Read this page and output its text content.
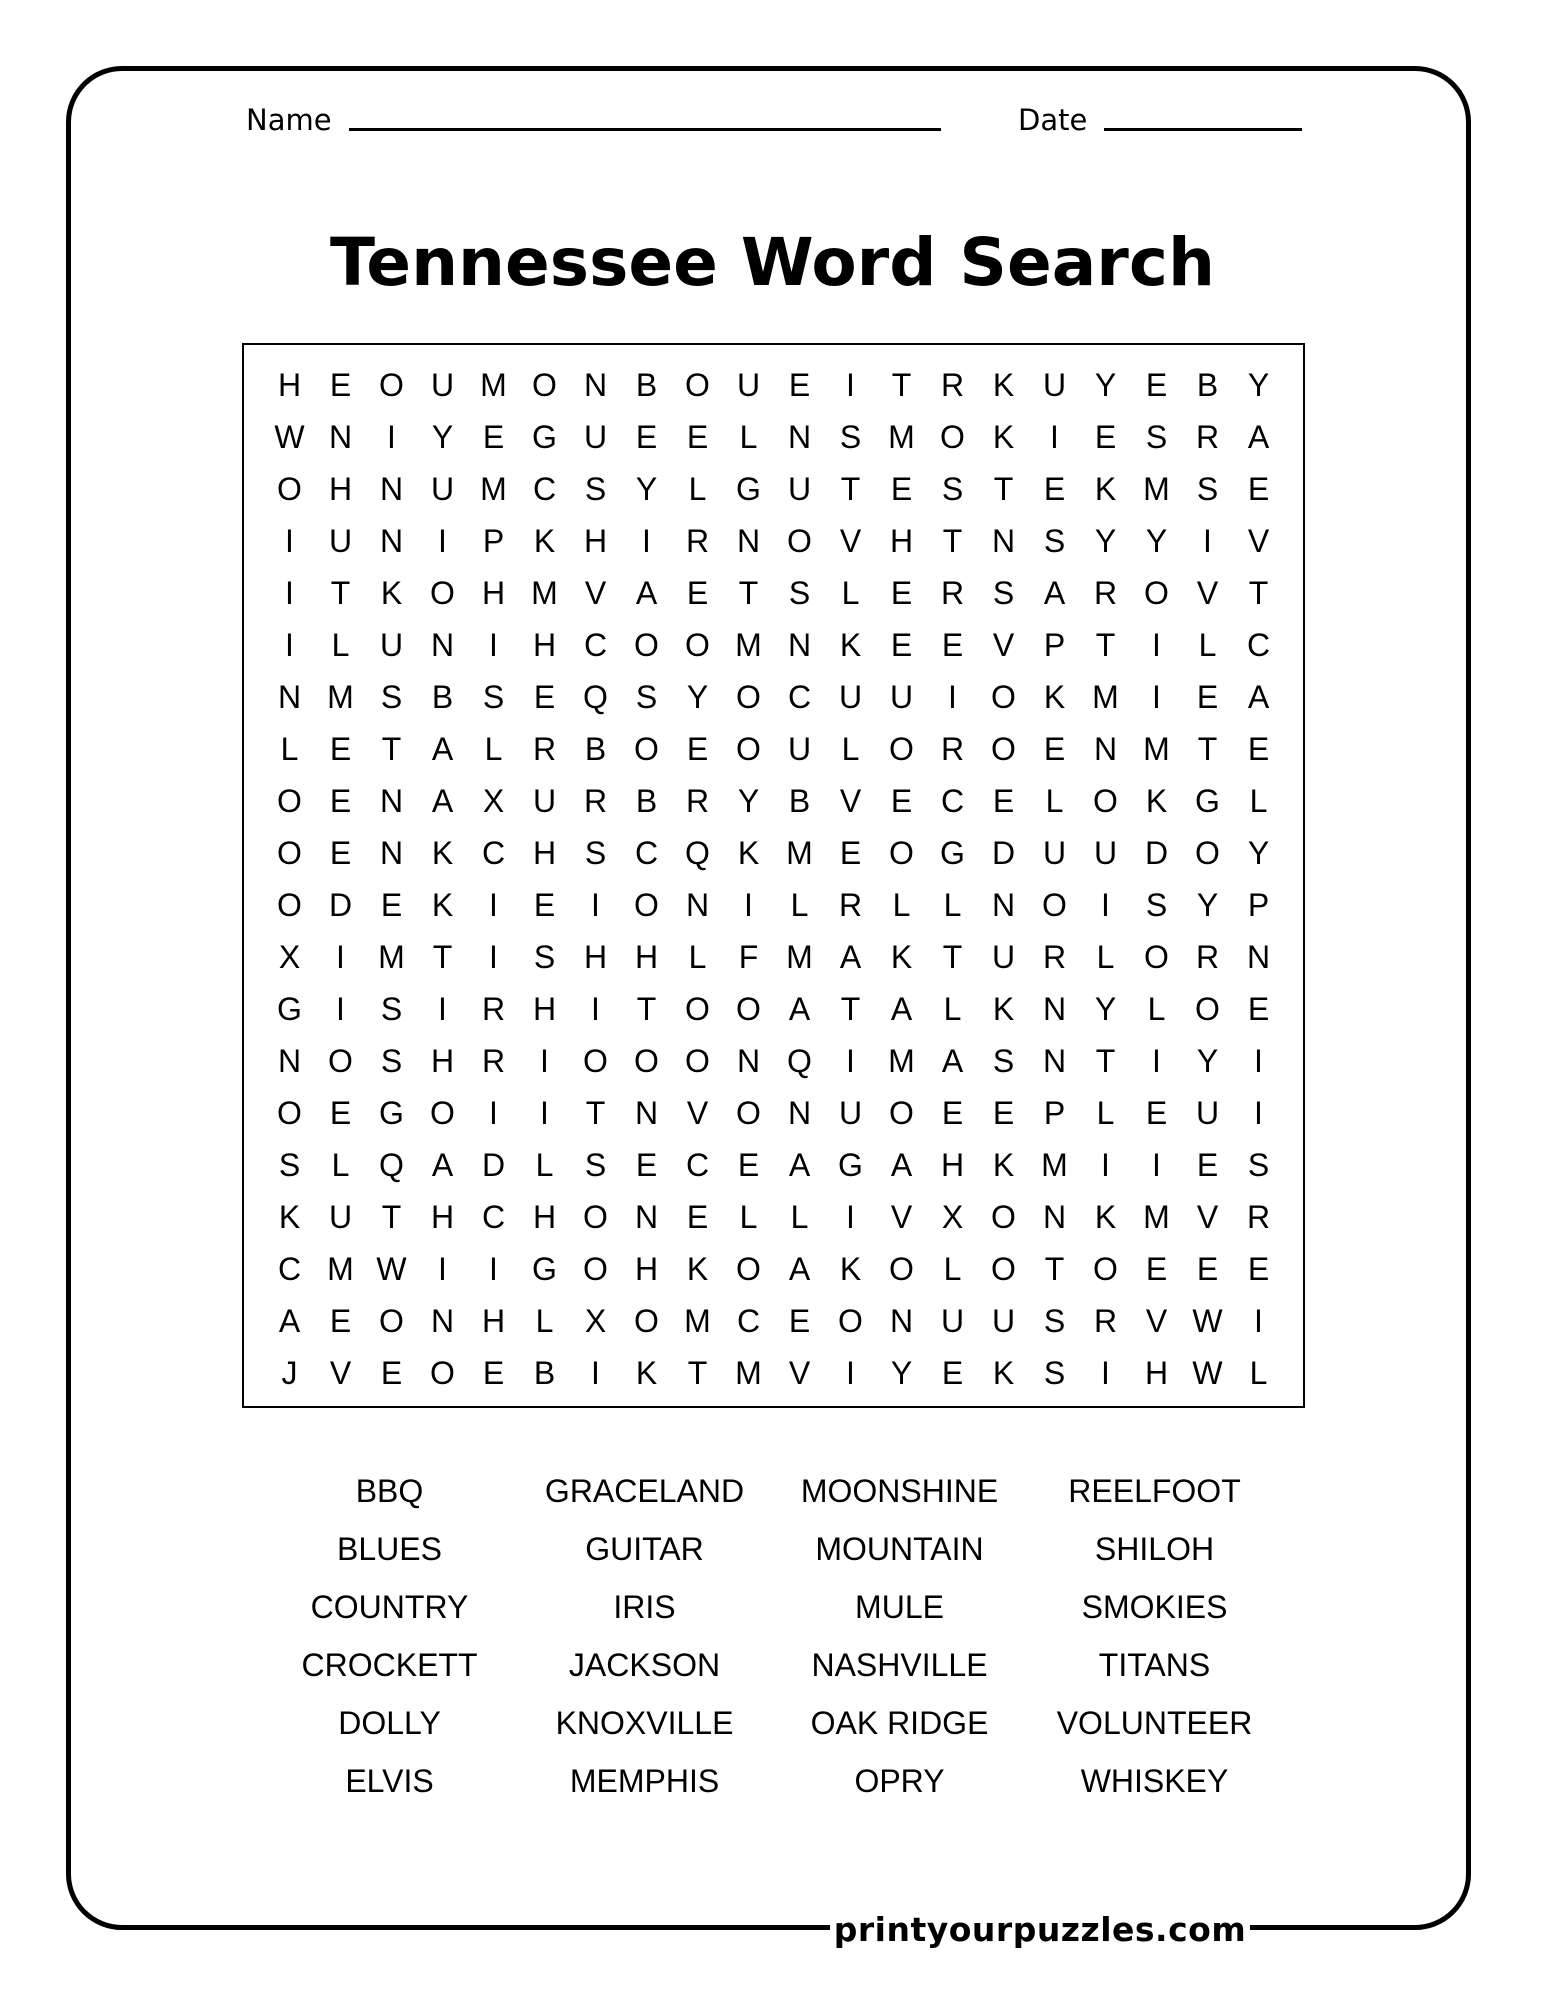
printyourpuzzles.com
Name	Date
Tennessee Word Search
H E O U M O N B O U E	I	T R K U Y E B Y
W N	I	Y E G U E E L N S M O K	I	E S R A
O H N U M C S Y L G U T E S T E K M S E
I	U N	I	P K H	I	R N O V H T N S Y Y	I	V
I	T K O H M V A E T S L E R S A R O V T
I	L U N	I	H C O O M N K E E V P T	I	L C
N M S B S E Q S Y O C U U	I	O K M	I	E A
L E T A L R B O E O U L O R O E N M T E
O E N A X U R B R Y B V E C E L O K G L
O E N K C H S C Q K M E O G D U U D O Y
O D E K	I	E	I	O N	I	L R L	L N O	I	S Y P
X	I	M T	I	S H H L	F M A K T U R L O R N
G	I	S	I	R H	I	T O O A T A L K N Y L O E
N O S H R	I	O O O N Q	I	M A S N T	I	Y	I
O E G O	I	I	T N V O N U O E E P L E U	I
S L Q A D L S E C E A G A H K M	I	I	E S
K U T H C H O N E L	L	I	V X O N K M V R
C M W I	I	G O H K O A K O L O T O E E E
A E O N H L X O M C E O N U U S R V W I
J	V E O E B	I	K T M V	I	Y E K S	I	H W L
BBQ	GRACELAND	MOONSHINE	REELFOOT
BLUES	GUITAR	MOUNTAIN	SHILOH
COUNTRY	IRIS	MULE	SMOKIES
CROCKETT	JACKSON	NASHVILLE	TITANS
DOLLY	KNOXVILLE	OAK RIDGE	VOLUNTEER
ELVIS	MEMPHIS	OPRY	WHISKEY
